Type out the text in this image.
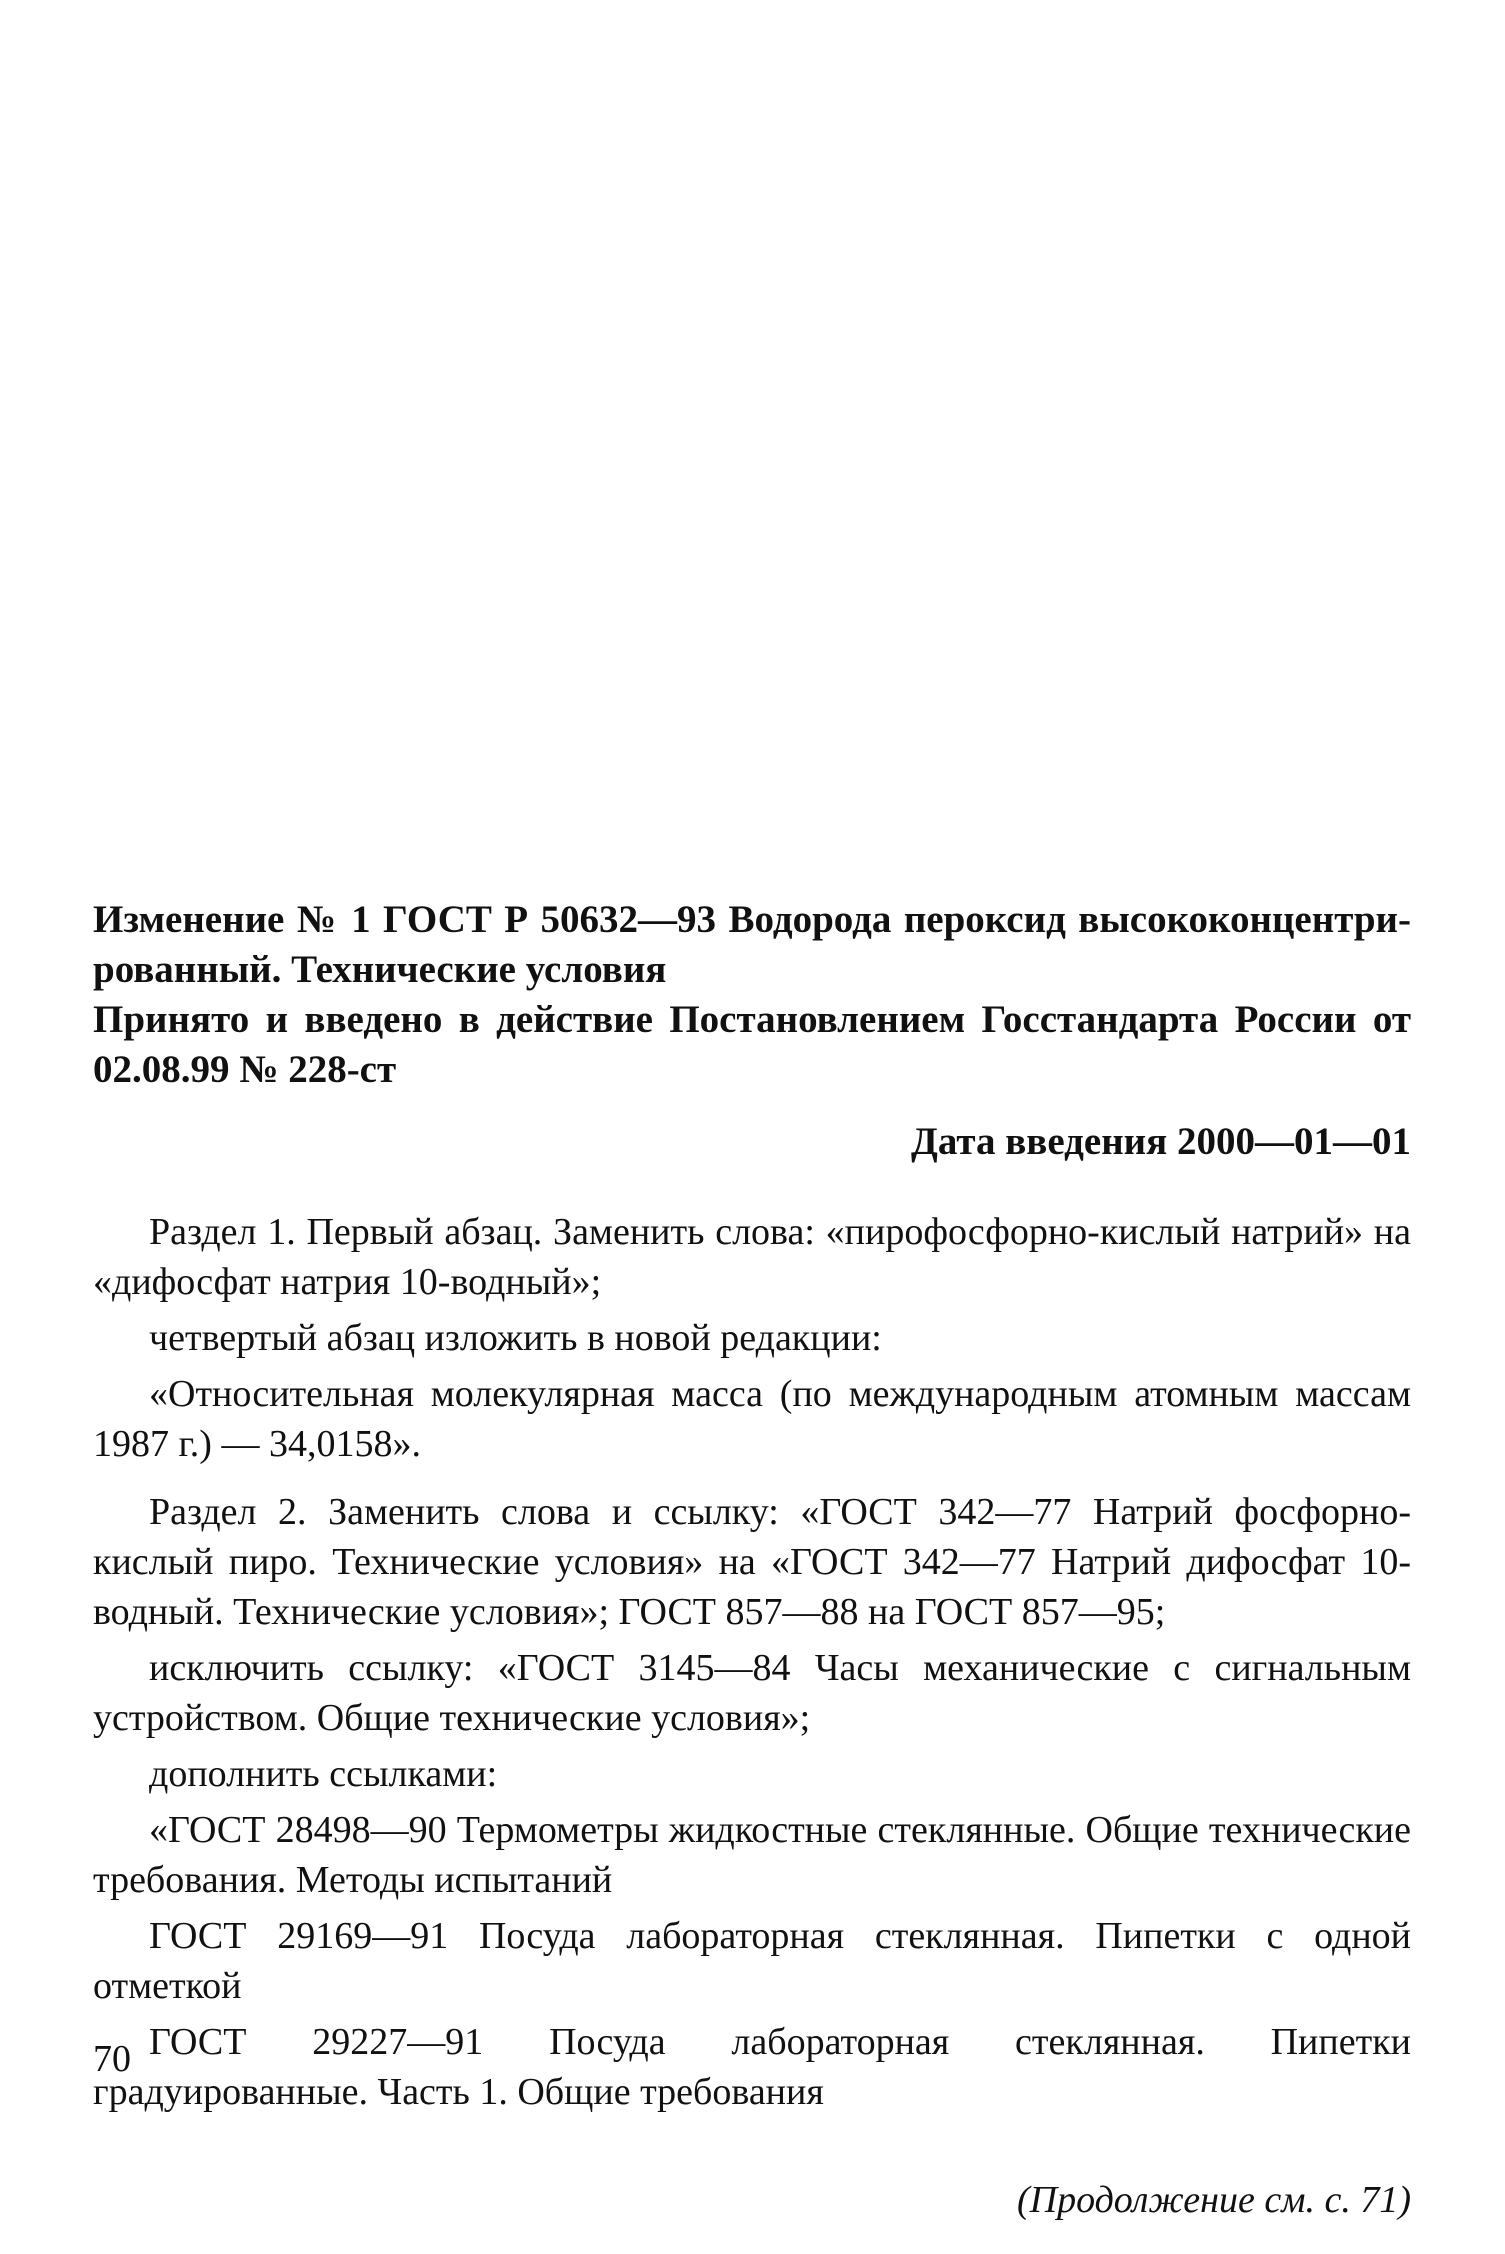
Изменение № 1 ГОСТ Р 50632—93 Водорода пероксид высококонцентри-рованный. Технические условия

Принято и введено в действие Постановлением Госстандарта России от 02.08.99 № 228-ст

Дата введения 2000—01—01

Раздел 1. Первый абзац. Заменить слова: «пирофосфорно-кислый натрий» на «дифосфат натрия 10-водный»;

четвертый абзац изложить в новой редакции:

«Относительная молекулярная масса (по международным атомным массам 1987 г.) — 34,0158».

Раздел 2. Заменить слова и ссылку: «ГОСТ 342—77 Натрий фосфорно-кислый пиро. Технические условия» на «ГОСТ 342—77 Натрий дифосфат 10-водный. Технические условия»; ГОСТ 857—88 на ГОСТ 857—95;

исключить ссылку: «ГОСТ 3145—84 Часы механические с сигнальным устройством. Общие технические условия»;

дополнить ссылками:

«ГОСТ 28498—90 Термометры жидкостные стеклянные. Общие технические требования. Методы испытаний

ГОСТ 29169—91 Посуда лабораторная стеклянная. Пипетки с одной отметкой

ГОСТ 29227—91 Посуда лабораторная стеклянная. Пипетки градуированные. Часть 1. Общие требования

(Продолжение см. с. 71)

70
